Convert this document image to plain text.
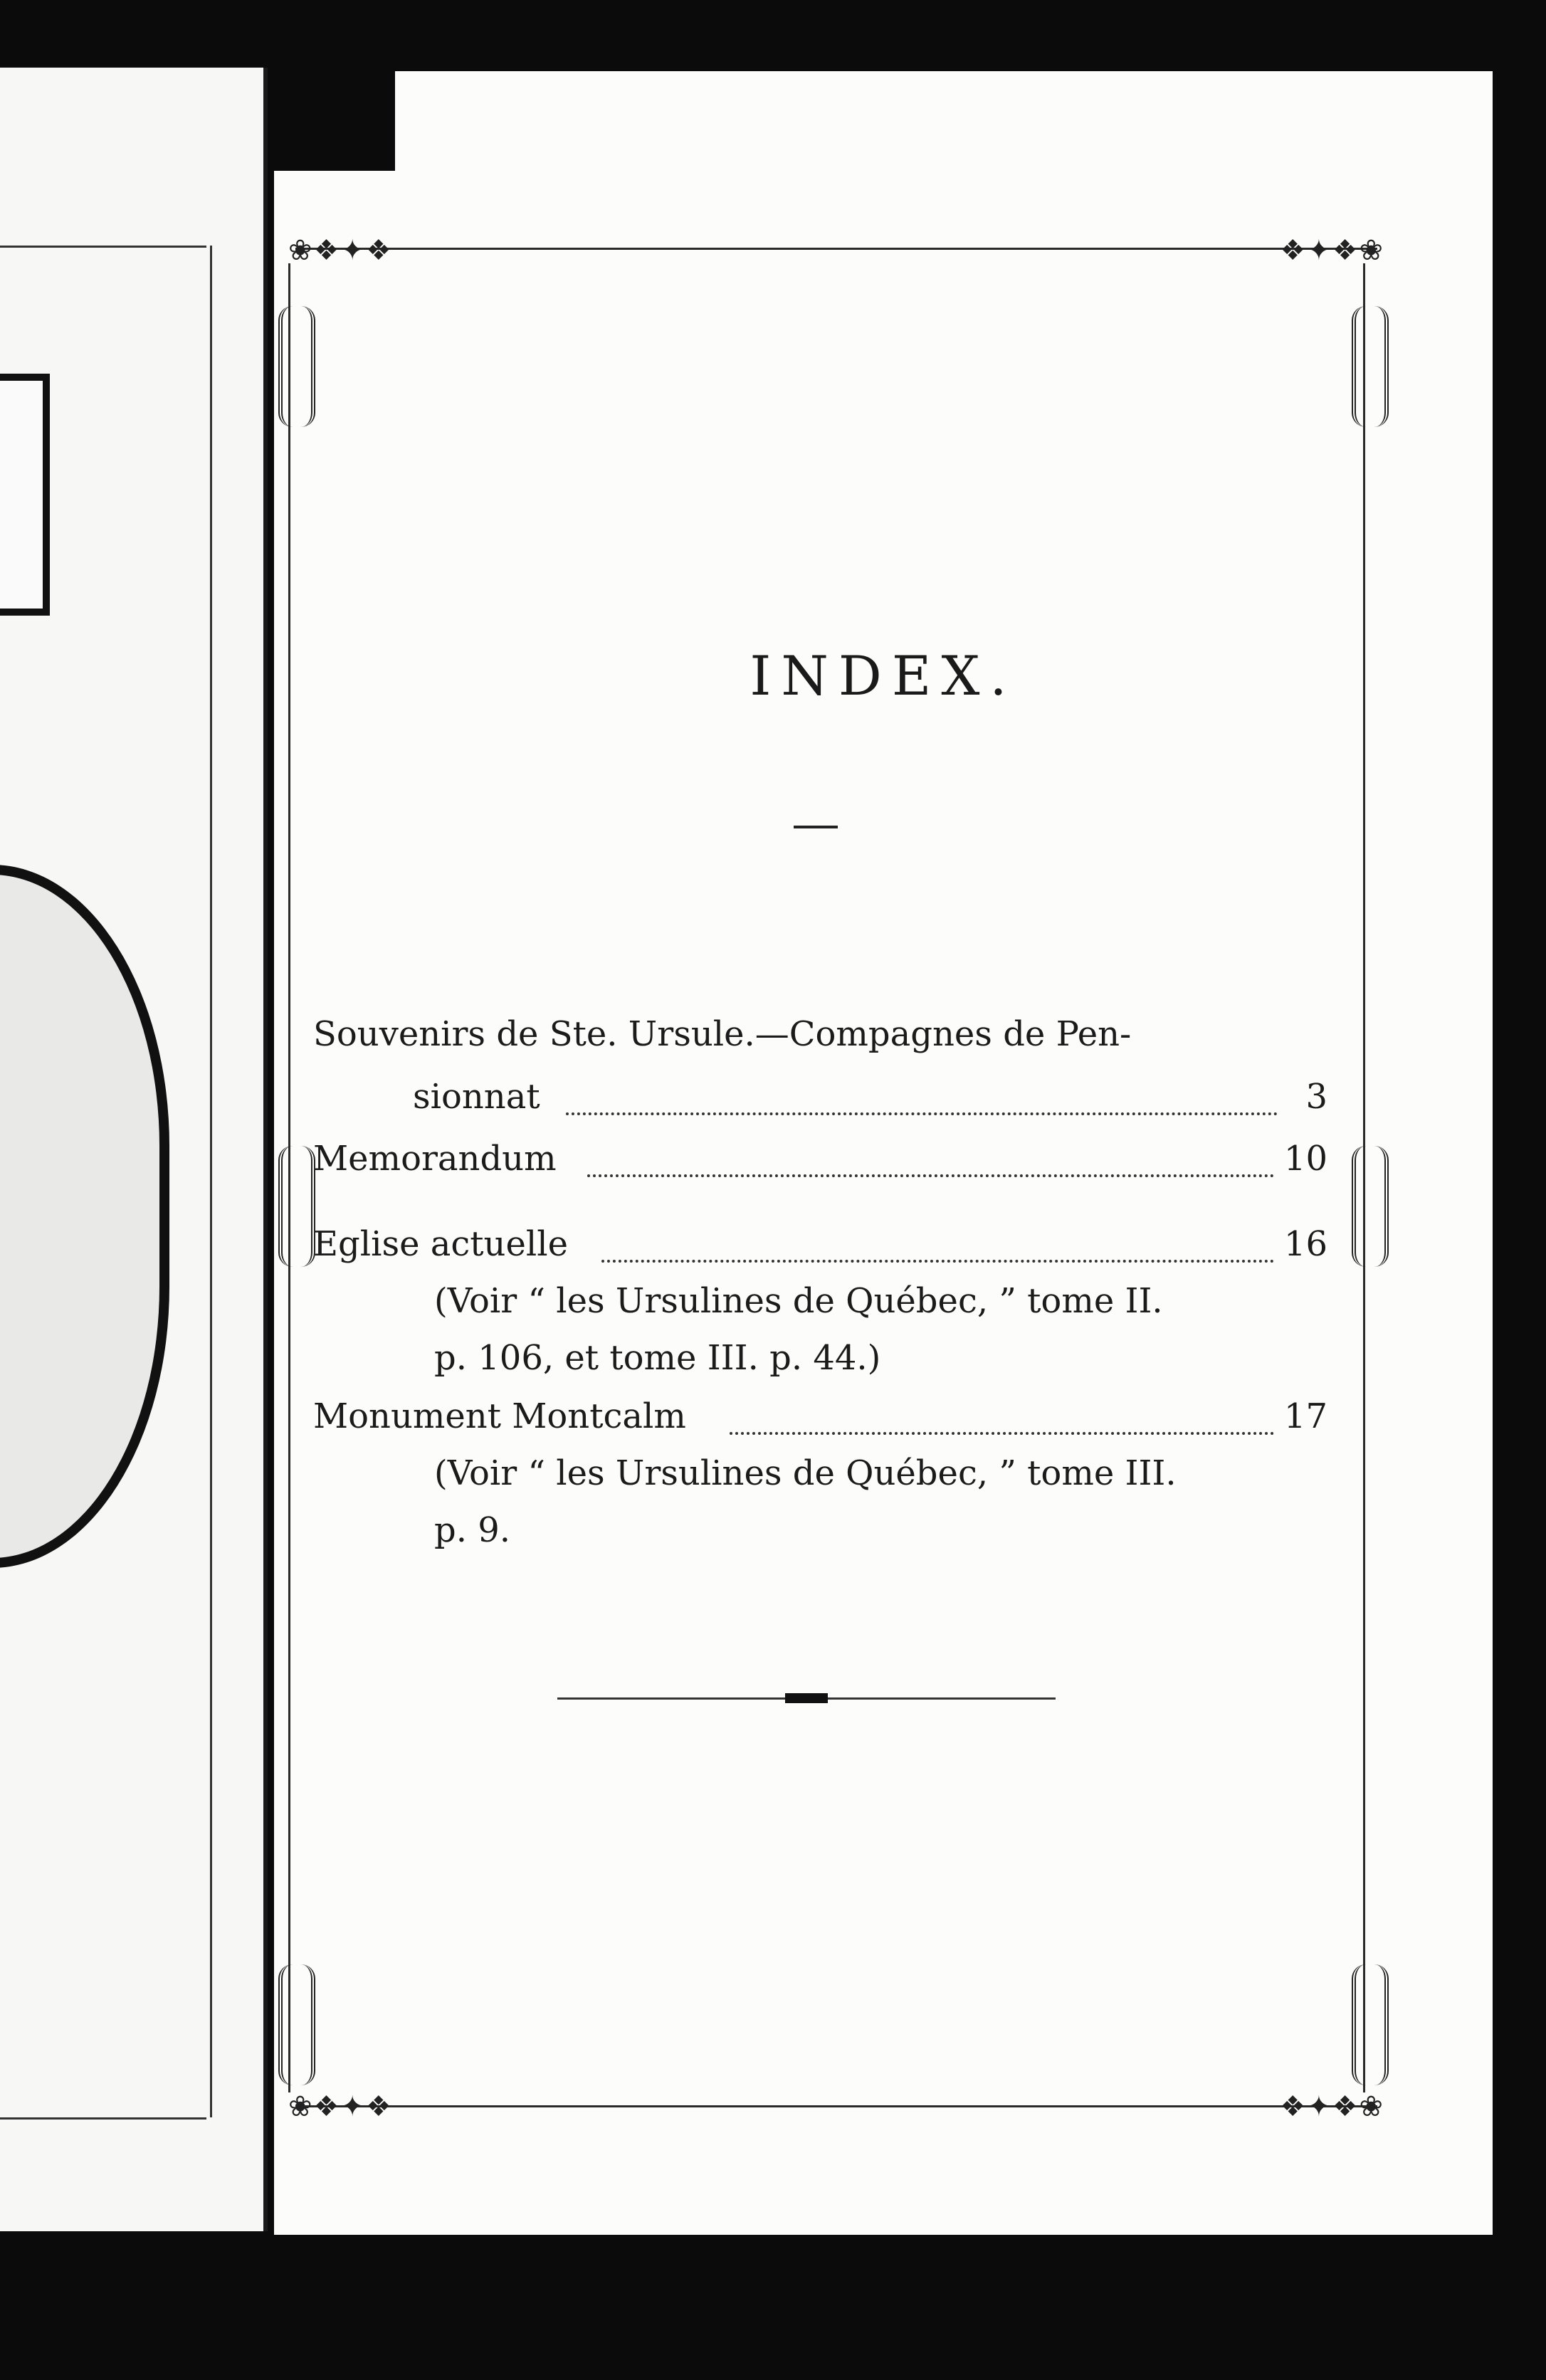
❀❖✦❖	❖✦❖❀
❀❖✦❖	❖✦❖❀
INDEX.
Souvenirs de Ste. Ursule.—Compagnes de Pen-
sionnat	3
Memorandum	10
Eglise actuelle	16
(Voir “ les Ursulines de Québec, ” tome II.
p. 106, et tome III. p. 44.)
Monument Montcalm	17
(Voir “ les Ursulines de Québec, ” tome III.
p. 9.
